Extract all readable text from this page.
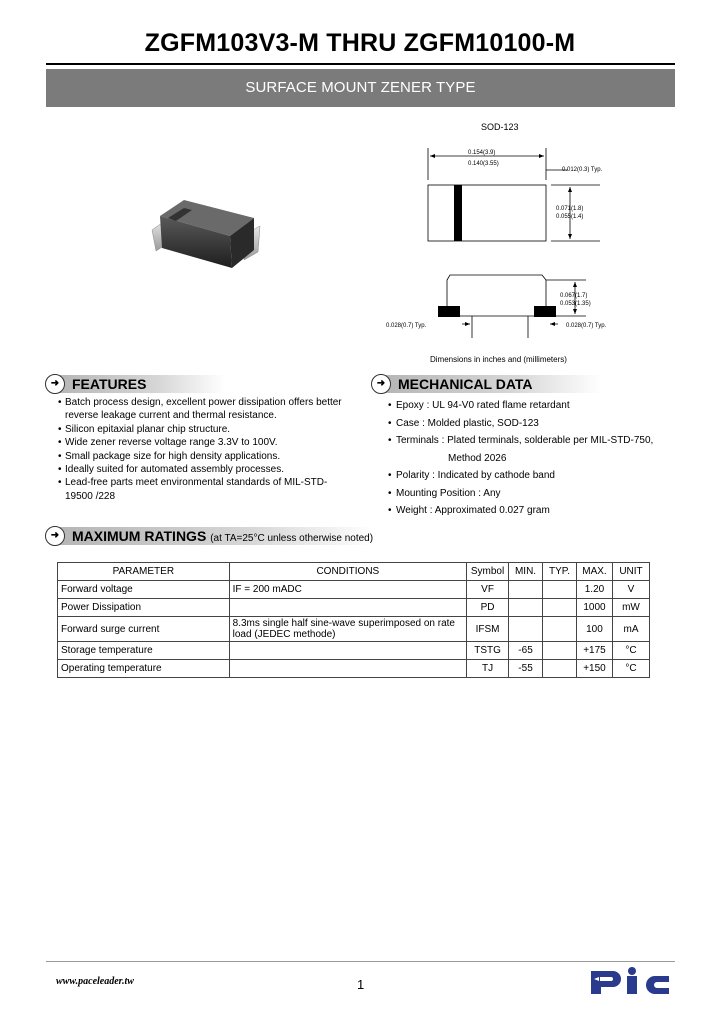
ZGFM103V3-M THRU ZGFM10100-M
SURFACE MOUNT ZENER TYPE
SOD-123
0.154(3.9)
0.140(3.55)
0.012(0.3) Typ.
0.071(1.8)
0.055(1.4)
0.067(1.7)
0.053(1.35)
0.028(0.7) Typ.	0.028(0.7) Typ.
Dimensions in inches and (millimeters)
➜ FEATURES
• Batch process design, excellent power dissipation offers better reverse leakage current and thermal resistance.
• Silicon epitaxial planar chip structure.
• Wide zener reverse voltage range 3.3V to 100V.
• Small package size for high density applications.
• Ideally suited for automated assembly processes.
• Lead-free parts meet environmental standards of MIL-STD-19500 /228
➜ MECHANICAL DATA
• Epoxy : UL 94-V0 rated flame retardant
• Case : Molded plastic, SOD-123
• Terminals : Plated terminals, solderable per MIL-STD-750,
Method 2026
• Polarity : Indicated by cathode band
• Mounting Position : Any
• Weight : Approximated 0.027 gram
➜ MAXIMUM RATINGS (at TA=25°C unless otherwise noted)
PARAMETER	CONDITIONS	Symbol	MIN.	TYP.	MAX.	UNIT
Forward voltage	IF = 200 mADC	VF			1.20	V
Power Dissipation		PD			1000	mW
Forward surge current	8.3ms single half sine-wave superimposed on rate load (JEDEC methode)	IFSM			100	mA
Storage temperature		TSTG	-65		+175	°C
Operating temperature		TJ	-55		+150	°C
www.paceleader.tw	1
